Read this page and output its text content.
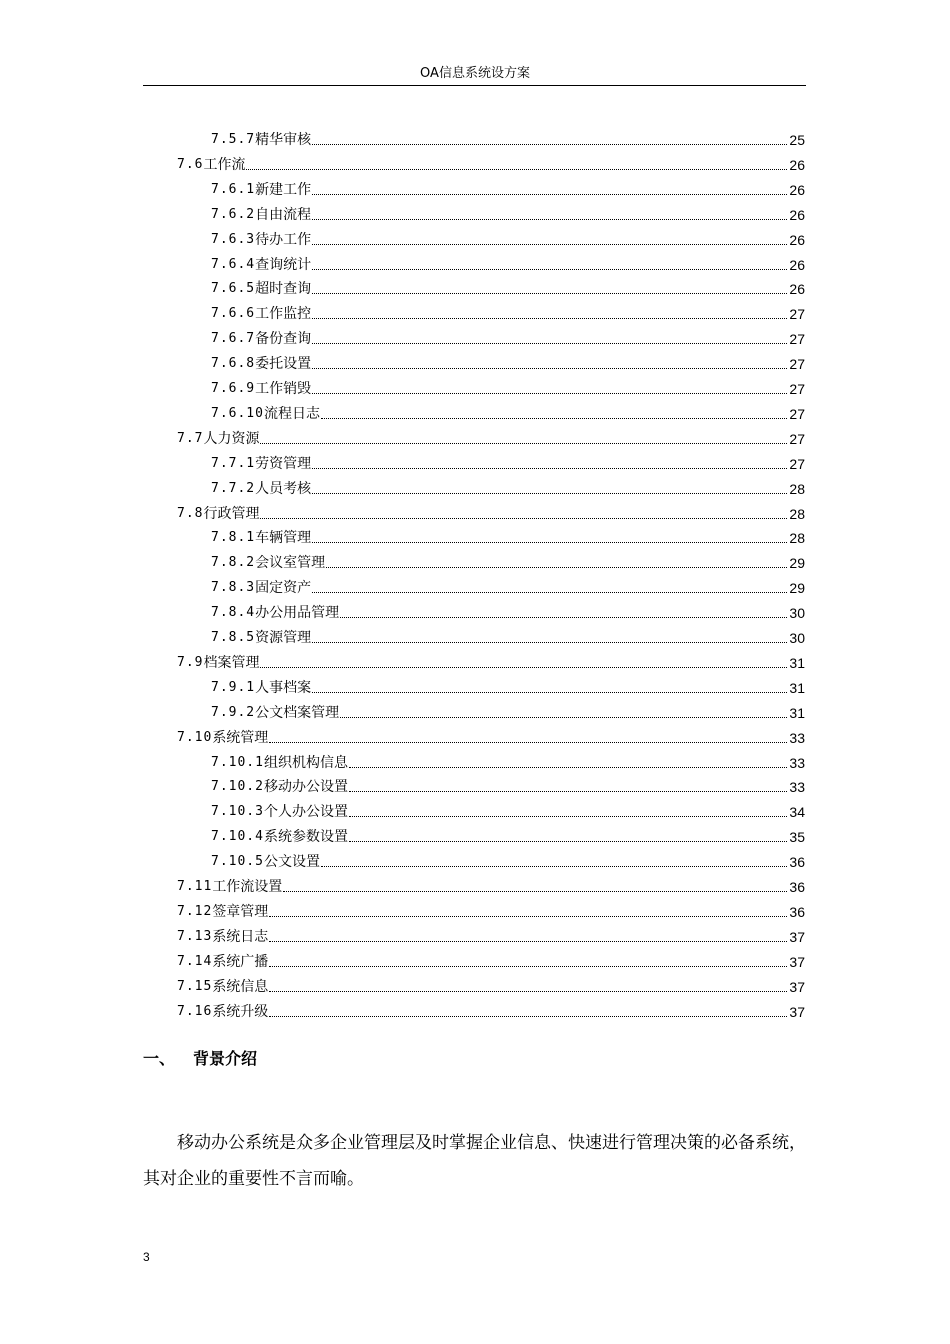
OA信息系统设方案
7.5.7 精华审核	25
7.6 工作流	26
7.6.1 新建工作	26
7.6.2 自由流程	26
7.6.3 待办工作	26
7.6.4 查询统计	26
7.6.5 超时查询	26
7.6.6 工作监控	27
7.6.7 备份查询	27
7.6.8 委托设置	27
7.6.9 工作销毁	27
7.6.10 流程日志	27
7.7 人力资源	27
7.7.1 劳资管理	27
7.7.2 人员考核	28
7.8 行政管理	28
7.8.1 车辆管理	28
7.8.2 会议室管理	29
7.8.3 固定资产	29
7.8.4 办公用品管理	30
7.8.5 资源管理	30
7.9 档案管理	31
7.9.1 人事档案	31
7.9.2 公文档案管理	31
7.10 系统管理	33
7.10.1 组织机构信息	33
7.10.2 移动办公设置	33
7.10.3 个人办公设置	34
7.10.4 系统参数设置	35
7.10.5 公文设置	36
7.11 工作流设置	36
7.12 签章管理	36
7.13 系统日志	37
7.14 系统广播	37
7.15 系统信息	37
7.16 系统升级	37
一、 背景介绍
移动办公系统是众多企业管理层及时掌握企业信息、快速进行管理决策的必备系统，其对企业的重要性不言而喻。
3
